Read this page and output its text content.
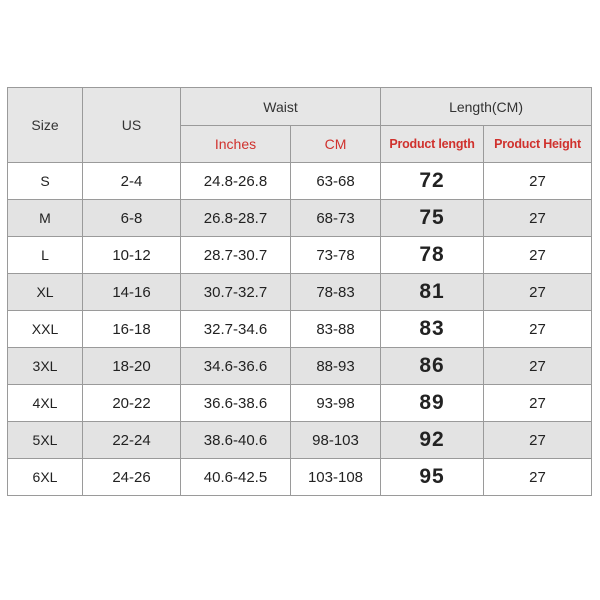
Size	US	Waist		Length(CM)	
		Inches	CM	Product length	Product Height
S	2-4	24.8-26.8	63-68	72	27
M	6-8	26.8-28.7	68-73	75	27
L	10-12	28.7-30.7	73-78	78	27
XL	14-16	30.7-32.7	78-83	81	27
XXL	16-18	32.7-34.6	83-88	83	27
3XL	18-20	34.6-36.6	88-93	86	27
4XL	20-22	36.6-38.6	93-98	89	27
5XL	22-24	38.6-40.6	98-103	92	27
6XL	24-26	40.6-42.5	103-108	95	27
